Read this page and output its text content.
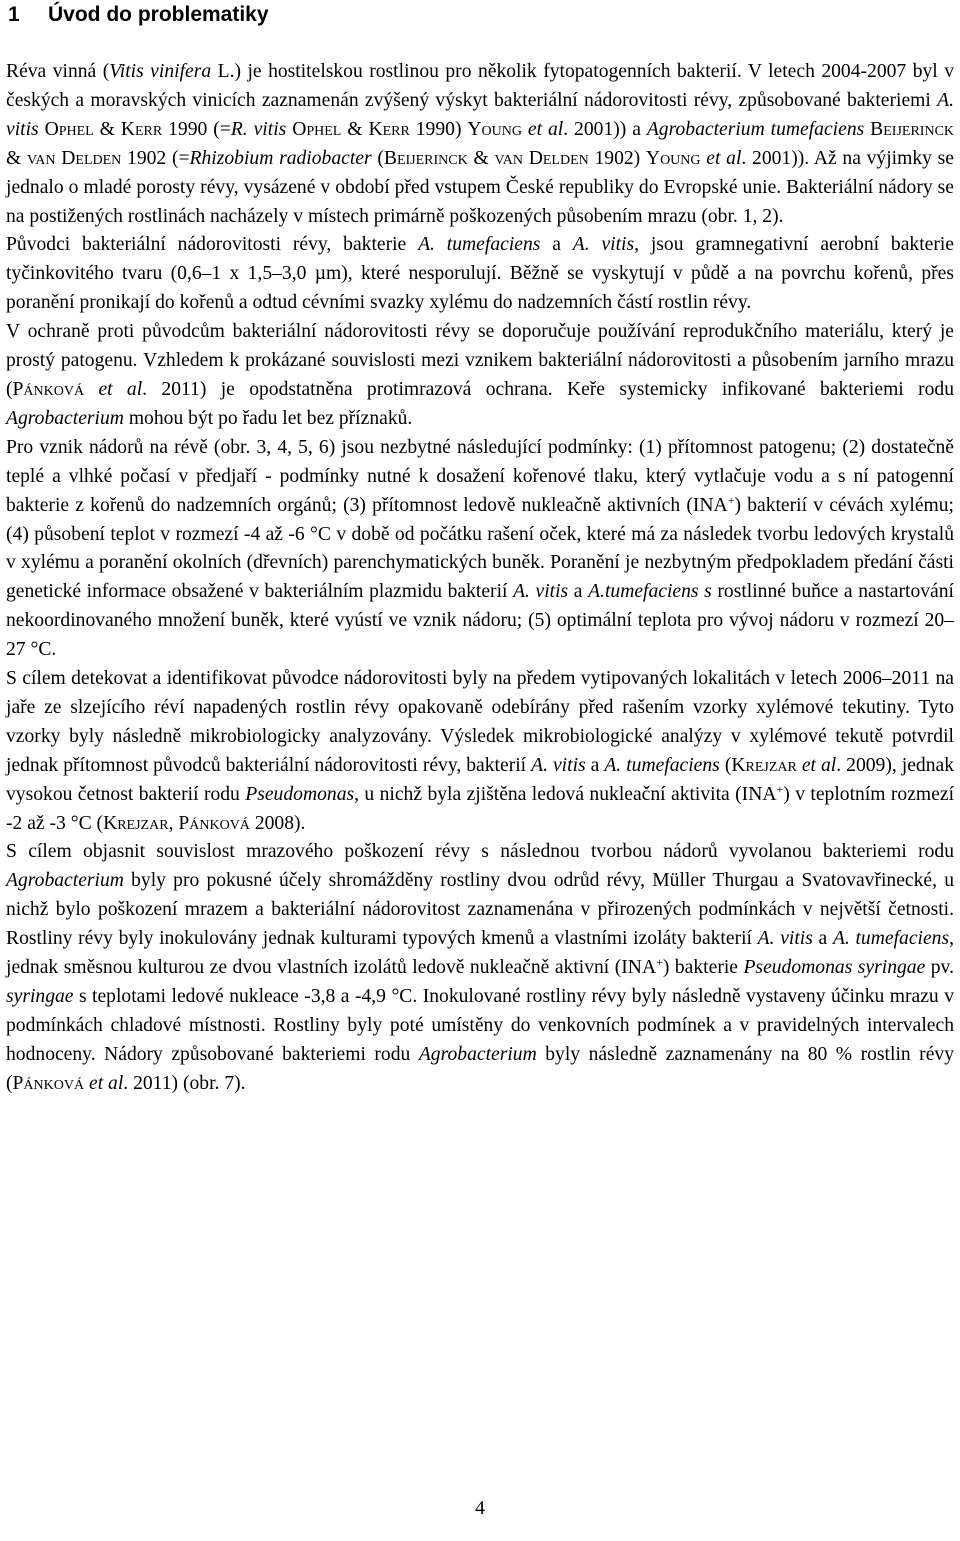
1 Úvod do problematiky

Réva vinná (Vitis vinifera L.) je hostitelskou rostlinou pro několik fytopatogenních bakterií. V letech 2004-2007 byl v českých a moravských vinicích zaznamenán zvýšený výskyt bakteriální nádorovitosti révy, způsobované bakteriemi A. vitis Ophel & Kerr 1990 (=R. vitis Ophel & Kerr 1990) Young et al. 2001)) a Agrobacterium tumefaciens Beijerinck & van Delden 1902 (=Rhizobium radiobacter (Beijerinck & van Delden 1902) Young et al. 2001)). Až na výjimky se jednalo o mladé porosty révy, vysázené v období před vstupem České republiky do Evropské unie. Bakteriální nádory se na postižených rostlinách nacházely v místech primárně poškozených působením mrazu (obr. 1, 2).

Původci bakteriální nádorovitosti révy, bakterie A. tumefaciens a A. vitis, jsou gramnegativní aerobní bakterie tyčinkovitého tvaru (0,6–1 x 1,5–3,0 µm), které nesporulují. Běžně se vyskytují v půdě a na povrchu kořenů, přes poranění pronikají do kořenů a odtud cévními svazky xylému do nadzemních částí rostlin révy.

V ochraně proti původcům bakteriální nádorovitosti révy se doporučuje používání reprodukčního materiálu, který je prostý patogenu. Vzhledem k prokázané souvislosti mezi vznikem bakteriální nádorovitosti a působením jarního mrazu (Pánková et al. 2011) je opodstatněna protimrazová ochrana. Keře systemicky infikované bakteriemi rodu Agrobacterium mohou být po řadu let bez příznaků.

Pro vznik nádorů na révě (obr. 3, 4, 5, 6) jsou nezbytné následující podmínky: (1) přítomnost patogenu; (2) dostatečně teplé a vlhké počasí v předjaří - podmínky nutné k dosažení kořenové tlaku, který vytlačuje vodu a s ní patogenní bakterie z kořenů do nadzemních orgánů; (3) přítomnost ledově nukleačně aktivních (INA+) bakterií v cévách xylému; (4) působení teplot v rozmezí -4 až -6 °C v době od počátku rašení oček, které má za následek tvorbu ledových krystalů v xylému a poranění okolních (dřevních) parenchymatických buněk. Poranění je nezbytným předpokladem předání části genetické informace obsažené v bakteriálním plazmidu bakterií A. vitis a A.tumefaciens s rostlinné buňce a nastartování nekoordinovaného množení buněk, které vyústí ve vznik nádoru; (5) optimální teplota pro vývoj nádoru v rozmezí 20–27 °C.

S cílem detekovat a identifikovat původce nádorovitosti byly na předem vytipovaných lokalitách v letech 2006–2011 na jaře ze slzejícího réví napadených rostlin révy opakovaně odebírány před rašením vzorky xylémové tekutiny. Tyto vzorky byly následně mikrobiologicky analyzovány. Výsledek mikrobiologické analýzy v xylémové tekutě potvrdil jednak přítomnost původců bakteriální nádorovitosti révy, bakterií A. vitis a A. tumefaciens (Krejzar et al. 2009), jednak vysokou četnost bakterií rodu Pseudomonas, u nichž byla zjištěna ledová nukleační aktivita (INA+) v teplotním rozmezí -2 až -3 °C (Krejzar, Pánková 2008).

S cílem objasnit souvislost mrazového poškození révy s následnou tvorbou nádorů vyvolanou bakteriemi rodu Agrobacterium byly pro pokusné účely shromážděny rostliny dvou odrůd révy, Müller Thurgau a Svatovavřinecké, u nichž bylo poškození mrazem a bakteriální nádorovitost zaznamenána v přirozených podmínkách v největší četnosti. Rostliny révy byly inokulovány jednak kulturami typových kmenů a vlastními izoláty bakterií A. vitis a A. tumefaciens, jednak směsnou kulturou ze dvou vlastních izolátů ledově nukleačně aktivní (INA+) bakterie Pseudomonas syringae pv. syringae s teplotami ledové nukleace -3,8 a -4,9 °C. Inokulované rostliny révy byly následně vystaveny účinku mrazu v podmínkách chladové místnosti. Rostliny byly poté umístěny do venkovních podmínek a v pravidelných intervalech hodnoceny. Nádory způsobované bakteriemi rodu Agrobacterium byly následně zaznamenány na 80 % rostlin révy (Pánková et al. 2011) (obr. 7).

4
